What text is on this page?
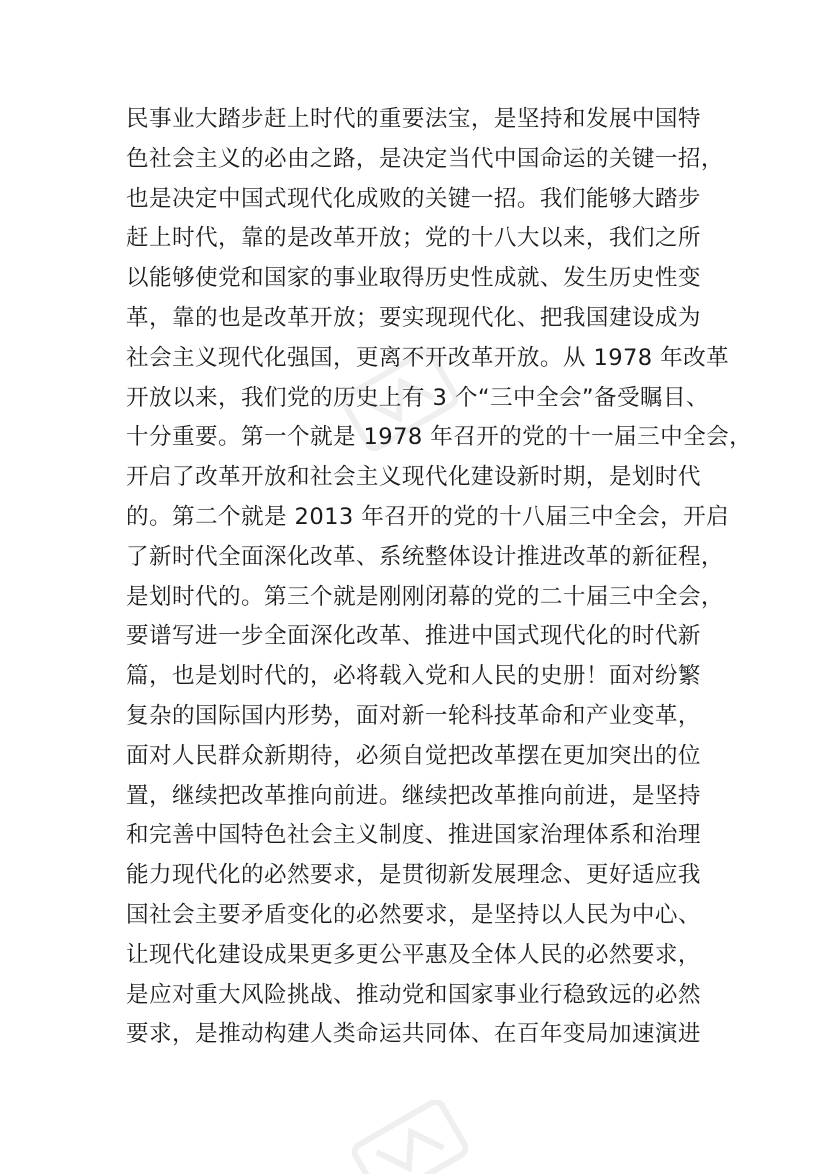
民事业大踏步赶上时代的重要法宝，是坚持和发展中国特
色社会主义的必由之路，是决定当代中国命运的关键一招，
也是决定中国式现代化成败的关键一招。我们能够大踏步
赶上时代，靠的是改革开放；党的十八大以来，我们之所
以能够使党和国家的事业取得历史性成就、发生历史性变
革，靠的也是改革开放；要实现现代化、把我国建设成为
社会主义现代化强国，更离不开改革开放。从 1978 年改革
开放以来，我们党的历史上有 3 个“三中全会”备受瞩目、
十分重要。第一个就是 1978 年召开的党的十一届三中全会，
开启了改革开放和社会主义现代化建设新时期，是划时代
的。第二个就是 2013 年召开的党的十八届三中全会，开启
了新时代全面深化改革、系统整体设计推进改革的新征程，
是划时代的。第三个就是刚刚闭幕的党的二十届三中全会，
要谱写进一步全面深化改革、推进中国式现代化的时代新
篇，也是划时代的，必将载入党和人民的史册！面对纷繁
复杂的国际国内形势，面对新一轮科技革命和产业变革，
面对人民群众新期待，必须自觉把改革摆在更加突出的位
置，继续把改革推向前进。继续把改革推向前进，是坚持
和完善中国特色社会主义制度、推进国家治理体系和治理
能力现代化的必然要求，是贯彻新发展理念、更好适应我
国社会主要矛盾变化的必然要求，是坚持以人民为中心、
让现代化建设成果更多更公平惠及全体人民的必然要求，
是应对重大风险挑战、推动党和国家事业行稳致远的必然
要求，是推动构建人类命运共同体、在百年变局加速演进
